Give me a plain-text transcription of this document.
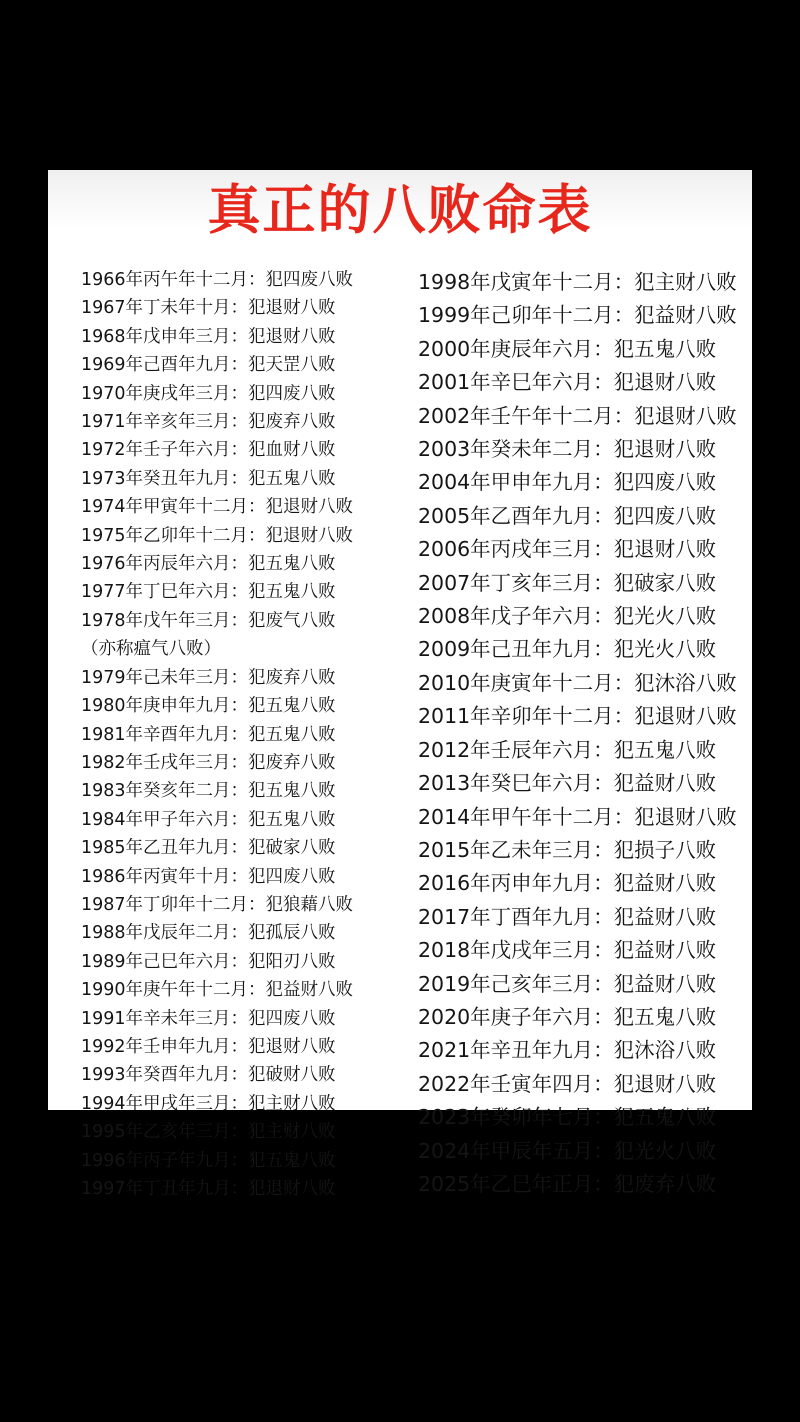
真正的八败命表
1966年丙午年十二月：犯四废八败
1967年丁未年十月：犯退财八败
1968年戊申年三月：犯退财八败
1969年己酉年九月：犯天罡八败
1970年庚戌年三月：犯四废八败
1971年辛亥年三月：犯废弃八败
1972年壬子年六月：犯血财八败
1973年癸丑年九月：犯五鬼八败
1974年甲寅年十二月：犯退财八败
1975年乙卯年十二月：犯退财八败
1976年丙辰年六月：犯五鬼八败
1977年丁巳年六月：犯五鬼八败
1978年戊午年三月：犯废气八败
（亦称瘟气八败）
1979年己未年三月：犯废弃八败
1980年庚申年九月：犯五鬼八败
1981年辛酉年九月：犯五鬼八败
1982年壬戌年三月：犯废弃八败
1983年癸亥年二月：犯五鬼八败
1984年甲子年六月：犯五鬼八败
1985年乙丑年九月：犯破家八败
1986年丙寅年十月：犯四废八败
1987年丁卯年十二月：犯狼藉八败
1988年戊辰年二月：犯孤辰八败
1989年己巳年六月：犯阳刃八败
1990年庚午年十二月：犯益财八败
1991年辛未年三月：犯四废八败
1992年壬申年九月：犯退财八败
1993年癸酉年九月：犯破财八败
1994年甲戌年三月：犯主财八败
1995年乙亥年三月：犯主财八败
1996年丙子年九月：犯五鬼八败
1997年丁丑年九月：犯退财八败
1998年戊寅年十二月：犯主财八败
1999年己卯年十二月：犯益财八败
2000年庚辰年六月：犯五鬼八败
2001年辛巳年六月：犯退财八败
2002年壬午年十二月：犯退财八败
2003年癸未年二月：犯退财八败
2004年甲申年九月：犯四废八败
2005年乙酉年九月：犯四废八败
2006年丙戌年三月：犯退财八败
2007年丁亥年三月：犯破家八败
2008年戊子年六月：犯光火八败
2009年己丑年九月：犯光火八败
2010年庚寅年十二月：犯沐浴八败
2011年辛卯年十二月：犯退财八败
2012年壬辰年六月：犯五鬼八败
2013年癸巳年六月：犯益财八败
2014年甲午年十二月：犯退财八败
2015年乙未年三月：犯损子八败
2016年丙申年九月：犯益财八败
2017年丁酉年九月：犯益财八败
2018年戊戌年三月：犯益财八败
2019年己亥年三月：犯益财八败
2020年庚子年六月：犯五鬼八败
2021年辛丑年九月：犯沐浴八败
2022年壬寅年四月：犯退财八败
2023年癸卯年七月：犯五鬼八败
2024年甲辰年五月：犯光火八败
2025年乙巳年正月：犯废弃八败
